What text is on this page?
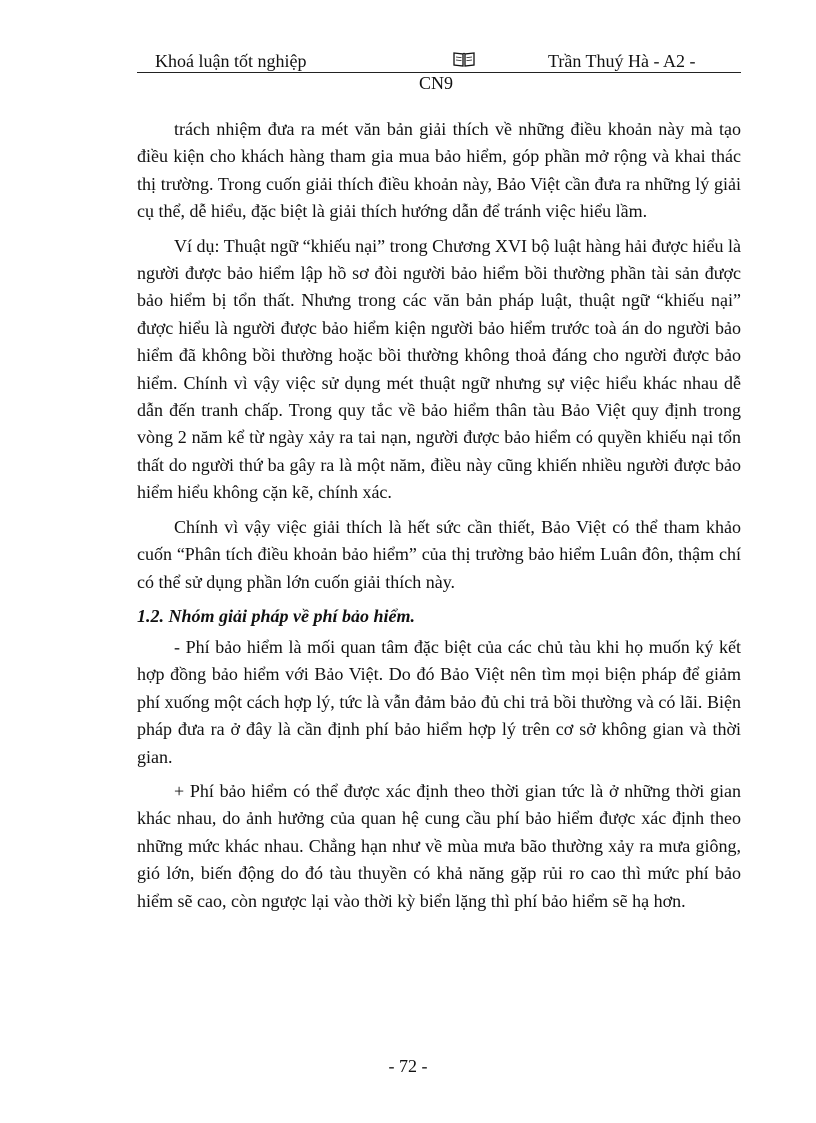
Khoá luận tốt nghiệp	Trần Thuý Hà - A2 -
CN9

trách nhiệm đưa ra mét văn bản giải thích về những điều khoản này mà tạo điều kiện cho khách hàng tham gia mua bảo hiểm, góp phần mở rộng và khai thác thị trường. Trong cuốn giải thích điều khoản này, Bảo Việt cần đưa ra những lý giải cụ thể, dễ hiểu, đặc biệt là giải thích hướng dẫn để tránh việc hiểu lầm.

Ví dụ: Thuật ngữ “khiếu nại” trong Chương XVI bộ luật hàng hải được hiểu là người được bảo hiểm lập hồ sơ đòi người bảo hiểm bồi thường phần tài sản được bảo hiểm bị tổn thất. Nhưng trong các văn bản pháp luật, thuật ngữ “khiếu nại” được hiểu là người được bảo hiểm kiện người bảo hiểm trước toà án do người bảo hiểm đã không bồi thường hoặc bồi thường không thoả đáng cho người được bảo hiểm. Chính vì vậy việc sử dụng mét thuật ngữ nhưng sự việc hiểu khác nhau dễ dẫn đến tranh chấp. Trong quy tắc về bảo hiểm thân tàu Bảo Việt quy định trong vòng 2 năm kể từ ngày xảy ra tai nạn, người được bảo hiểm có quyền khiếu nại tổn thất do người thứ ba gây ra là một năm, điều này cũng khiến nhiều người được bảo hiểm hiểu không cặn kẽ, chính xác.

Chính vì vậy việc giải thích là hết sức cần thiết, Bảo Việt có thể tham khảo cuốn “Phân tích điều khoản bảo hiểm” của thị trường bảo hiểm Luân đôn, thậm chí có thể sử dụng phần lớn cuốn giải thích này.

1.2. Nhóm giải pháp về phí bảo hiểm.

- Phí bảo hiểm là mối quan tâm đặc biệt của các chủ tàu khi họ muốn ký kết hợp đồng bảo hiểm với Bảo Việt. Do đó Bảo Việt nên tìm mọi biện pháp để giảm phí xuống một cách hợp lý, tức là vẫn đảm bảo đủ chi trả bồi thường và có lãi. Biện pháp đưa ra ở đây là cần định phí bảo hiểm hợp lý trên cơ sở không gian và thời gian.

+ Phí bảo hiểm có thể được xác định theo thời gian tức là ở những thời gian khác nhau, do ảnh hưởng của quan hệ cung cầu phí bảo hiểm được xác định theo những mức khác nhau. Chẳng hạn như về mùa mưa bão thường xảy ra mưa giông, gió lớn, biến động do đó tàu thuyền có khả năng gặp rủi ro cao thì mức phí bảo hiểm sẽ cao, còn ngược lại vào thời kỳ biển lặng thì phí bảo hiểm sẽ hạ hơn.

- 72 -
